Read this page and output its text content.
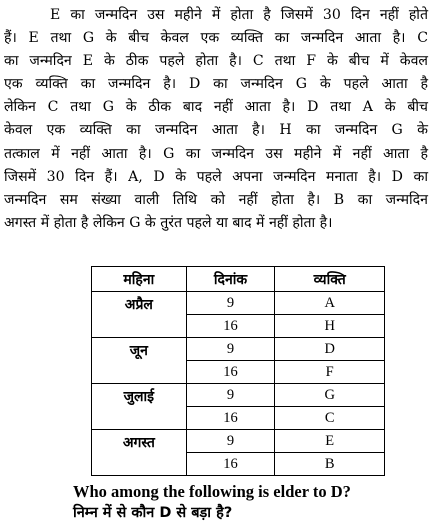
E का जन्मदिन उस महीने में होता है जिसमें 30 दिन नहीं होते
हैं। E तथा G के बीच केवल एक व्यक्ति का जन्मदिन आता है। C
का जन्मदिन E के ठीक पहले होता है। C तथा F के बीच में केवल
एक व्यक्ति का जन्मदिन है। D का जन्मदिन G के पहले आता है
लेकिन C तथा G के ठीक बाद नहीं आता है। D तथा A के बीच
केवल एक व्यक्ति का जन्मदिन आता है। H का जन्मदिन G के
तत्काल में नहीं आता है। G का जन्मदिन उस महीने में नहीं आता है
जिसमें 30 दिन हैं। A, D के पहले अपना जन्मदिन मनाता है। D का
जन्मदिन सम संख्या वाली तिथि को नहीं होता है। B का जन्मदिन
अगस्त में होता है लेकिन G के तुरंत पहले या बाद में नहीं होता है।

महिना	दिनांक	व्यक्ति
अप्रैल	9	A
	16	H
जून	9	D
	16	F
जुलाई	9	G
	16	C
अगस्त	9	E
	16	B
Who among the following is elder to D?
निम्न में से कौन D से बड़ा है?
